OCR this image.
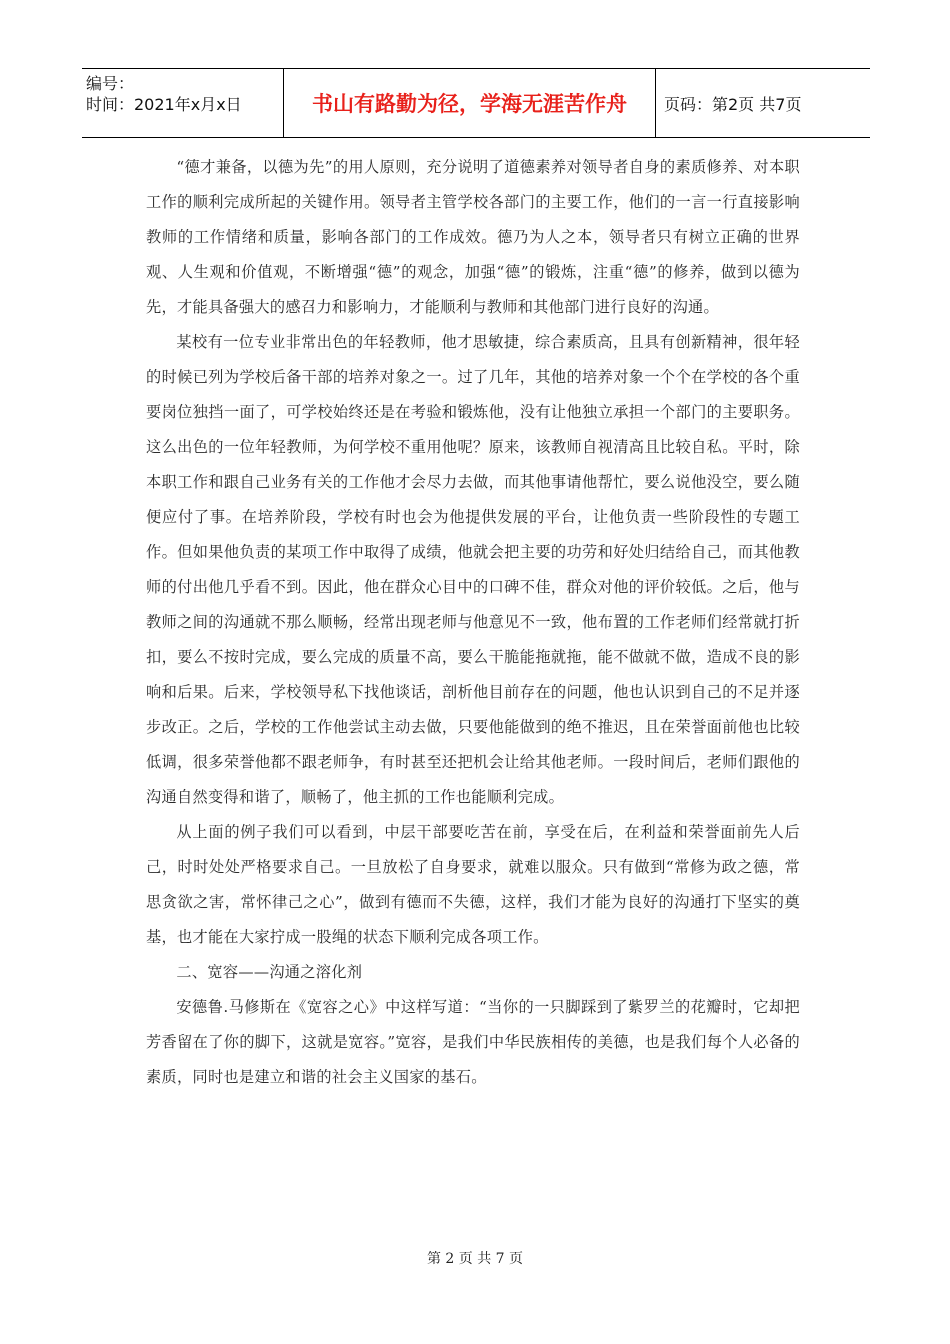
编号：
时间：2021年x月x日	书山有路勤为径，学海无涯苦作舟	页码：第2页 共7页

“德才兼备，以德为先”的用人原则，充分说明了道德素养对领导者自身的素质修养、对本职工作的顺利完成所起的关键作用。领导者主管学校各部门的主要工作，他们的一言一行直接影响教师的工作情绪和质量，影响各部门的工作成效。德乃为人之本，领导者只有树立正确的世界观、人生观和价值观，不断增强“德”的观念，加强“德”的锻炼，注重“德”的修养，做到以德为先，才能具备强大的感召力和影响力，才能顺利与教师和其他部门进行良好的沟通。

某校有一位专业非常出色的年轻教师，他才思敏捷，综合素质高，且具有创新精神，很年轻的时候已列为学校后备干部的培养对象之一。过了几年，其他的培养对象一个个在学校的各个重要岗位独挡一面了，可学校始终还是在考验和锻炼他，没有让他独立承担一个部门的主要职务。这么出色的一位年轻教师，为何学校不重用他呢？原来，该教师自视清高且比较自私。平时，除本职工作和跟自己业务有关的工作他才会尽力去做，而其他事请他帮忙，要么说他没空，要么随便应付了事。在培养阶段，学校有时也会为他提供发展的平台，让他负责一些阶段性的专题工作。但如果他负责的某项工作中取得了成绩，他就会把主要的功劳和好处归结给自己，而其他教师的付出他几乎看不到。因此，他在群众心目中的口碑不佳，群众对他的评价较低。之后，他与教师之间的沟通就不那么顺畅，经常出现老师与他意见不一致，他布置的工作老师们经常就打折扣，要么不按时完成，要么完成的质量不高，要么干脆能拖就拖，能不做就不做，造成不良的影响和后果。后来，学校领导私下找他谈话，剖析他目前存在的问题，他也认识到自己的不足并逐步改正。之后，学校的工作他尝试主动去做，只要他能做到的绝不推迟，且在荣誉面前他也比较低调，很多荣誉他都不跟老师争，有时甚至还把机会让给其他老师。一段时间后，老师们跟他的沟通自然变得和谐了，顺畅了，他主抓的工作也能顺利完成。

从上面的例子我们可以看到，中层干部要吃苦在前，享受在后，在利益和荣誉面前先人后己，时时处处严格要求自己。一旦放松了自身要求，就难以服众。只有做到“常修为政之德，常思贪欲之害，常怀律己之心”，做到有德而不失德，这样，我们才能为良好的沟通打下坚实的奠基，也才能在大家拧成一股绳的状态下顺利完成各项工作。

二、宽容——沟通之溶化剂

安德鲁.马修斯在《宽容之心》中这样写道：“当你的一只脚踩到了紫罗兰的花瓣时，它却把芳香留在了你的脚下，这就是宽容。”宽容，是我们中华民族相传的美德，也是我们每个人必备的素质，同时也是建立和谐的社会主义国家的基石。

第 2 页 共 7 页
